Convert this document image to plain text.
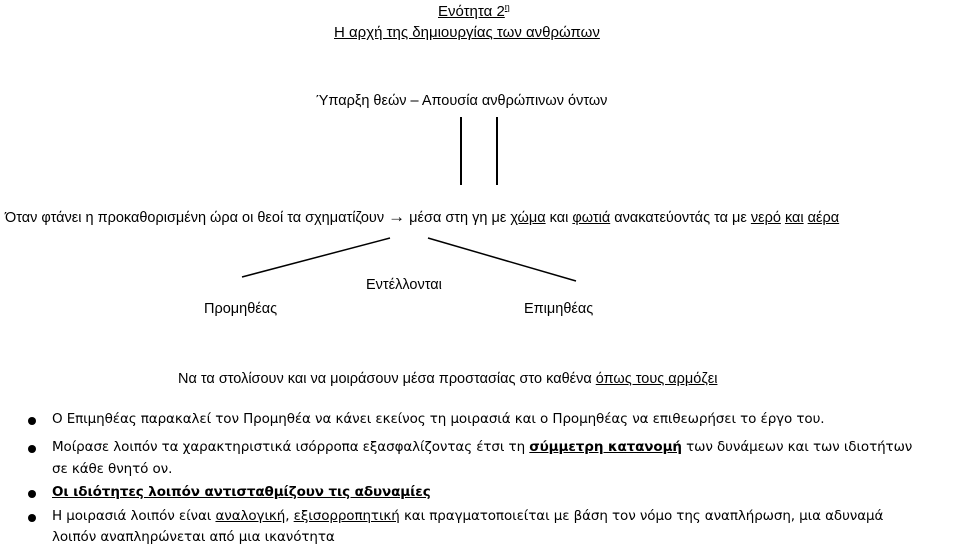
Ενότητα $2^\eta$
Η αρχή της δημιουργίας των ανθρώπων
Ύπαρξη θεών – Απουσία ανθρώπινων όντων
Όταν φτάνει η προκαθορισμένη ώρα οι θεοί τα σχηματίζουν → μέσα στη γη με χώμα και φωτιά ανακατεύοντάς τα με νερό και αέρα
Εντέλλονται
Προμηθέας	Επιμηθέας
Να τα στολίσουν και να μοιράσουν μέσα προστασίας στο καθένα όπως τους αρμόζει
Ο Επιμηθέας παρακαλεί τον Προμηθέα να κάνει εκείνος τη μοιρασιά και ο Προμηθέας να επιθεωρήσει το έργο του.
Μοίρασε λοιπόν τα χαρακτηριστικά ισόρροπα εξασφαλίζοντας έτσι τη σύμμετρη κατανομή των δυνάμεων και των ιδιοτήτων
σε κάθε θνητό ον.
Οι ιδιότητες λοιπόν αντισταθμίζουν τις αδυναμίες
Η μοιρασιά λοιπόν είναι αναλογική, εξισορροπητική και πραγματοποιείται με βάση τον νόμο της αναπλήρωση, μια αδυναμά
λοιπόν αναπληρώνεται από μια ικανότητα
